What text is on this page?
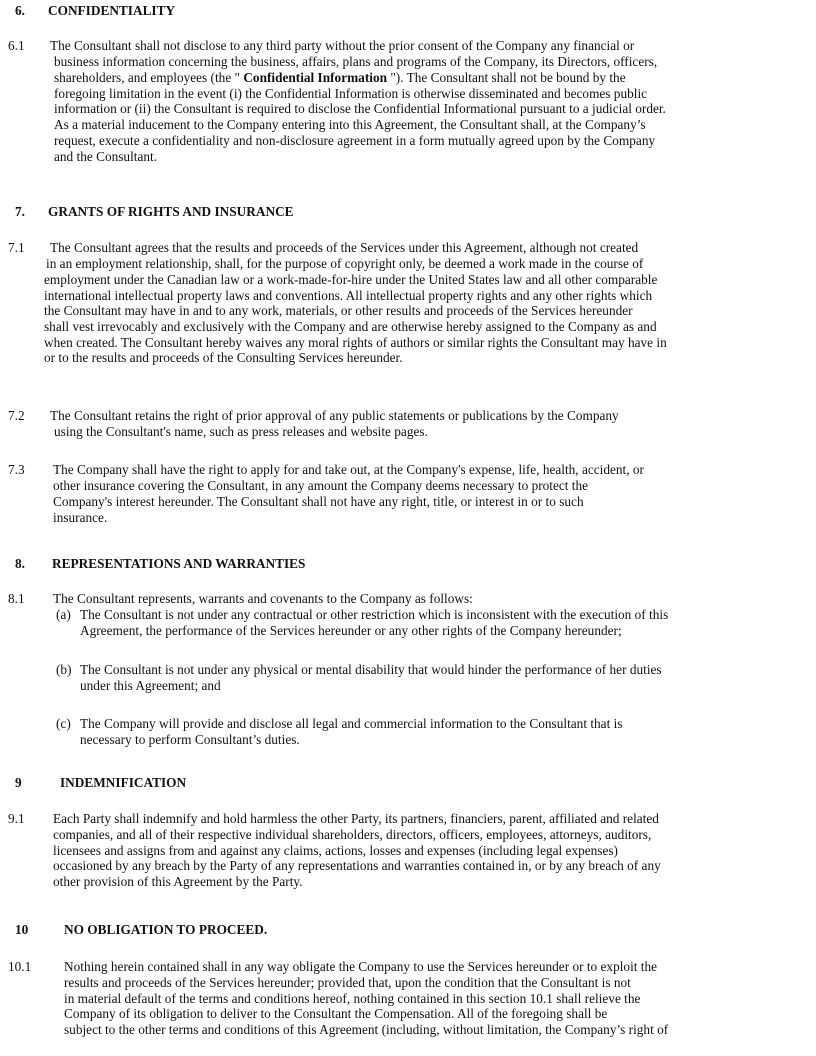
6. CONFIDENTIALITY
6.1 The Consultant shall not disclose to any third party without the prior consent of the Company any financial or
business information concerning the business, affairs, plans and programs of the Company, its Directors, officers,
shareholders, and employees (the " Confidential Information "). The Consultant shall not be bound by the
foregoing limitation in the event (i) the Confidential Information is otherwise disseminated and becomes public
information or (ii) the Consultant is required to disclose the Confidential Informational pursuant to a judicial order.
As a material inducement to the Company entering into this Agreement, the Consultant shall, at the Company’s
request, execute a confidentiality and non-disclosure agreement in a form mutually agreed upon by the Company
and the Consultant.
7. GRANTS OF RIGHTS AND INSURANCE
7.1 The Consultant agrees that the results and proceeds of the Services under this Agreement, although not created
in an employment relationship, shall, for the purpose of copyright only, be deemed a work made in the course of
employment under the Canadian law or a work-made-for-hire under the United States law and all other comparable
international intellectual property laws and conventions. All intellectual property rights and any other rights which
the Consultant may have in and to any work, materials, or other results and proceeds of the Services hereunder
shall vest irrevocably and exclusively with the Company and are otherwise hereby assigned to the Company as and
when created. The Consultant hereby waives any moral rights of authors or similar rights the Consultant may have in
or to the results and proceeds of the Consulting Services hereunder.
7.2 The Consultant retains the right of prior approval of any public statements or publications by the Company
using the Consultant's name, such as press releases and website pages.
7.3 The Company shall have the right to apply for and take out, at the Company's expense, life, health, accident, or
other insurance covering the Consultant, in any amount the Company deems necessary to protect the
Company's interest hereunder. The Consultant shall not have any right, title, or interest in or to such
insurance.
8. REPRESENTATIONS AND WARRANTIES
8.1 The Consultant represents, warrants and covenants to the Company as follows:
(a) The Consultant is not under any contractual or other restriction which is inconsistent with the execution of this
Agreement, the performance of the Services hereunder or any other rights of the Company hereunder;
(b) The Consultant is not under any physical or mental disability that would hinder the performance of her duties
under this Agreement; and
(c) The Company will provide and disclose all legal and commercial information to the Consultant that is
necessary to perform Consultant’s duties.
9	INDEMNIFICATION
9.1 Each Party shall indemnify and hold harmless the other Party, its partners, financiers, parent, affiliated and related
companies, and all of their respective individual shareholders, directors, officers, employees, attorneys, auditors,
licensees and assigns from and against any claims, actions, losses and expenses (including legal expenses)
occasioned by any breach by the Party of any representations and warranties contained in, or by any breach of any
other provision of this Agreement by the Party.
10	NO OBLIGATION TO PROCEED.
10.1 Nothing herein contained shall in any way obligate the Company to use the Services hereunder or to exploit the
results and proceeds of the Services hereunder; provided that, upon the condition that the Consultant is not
in material default of the terms and conditions hereof, nothing contained in this section 10.1 shall relieve the
Company of its obligation to deliver to the Consultant the Compensation. All of the foregoing shall be
subject to the other terms and conditions of this Agreement (including, without limitation, the Company’s right of
